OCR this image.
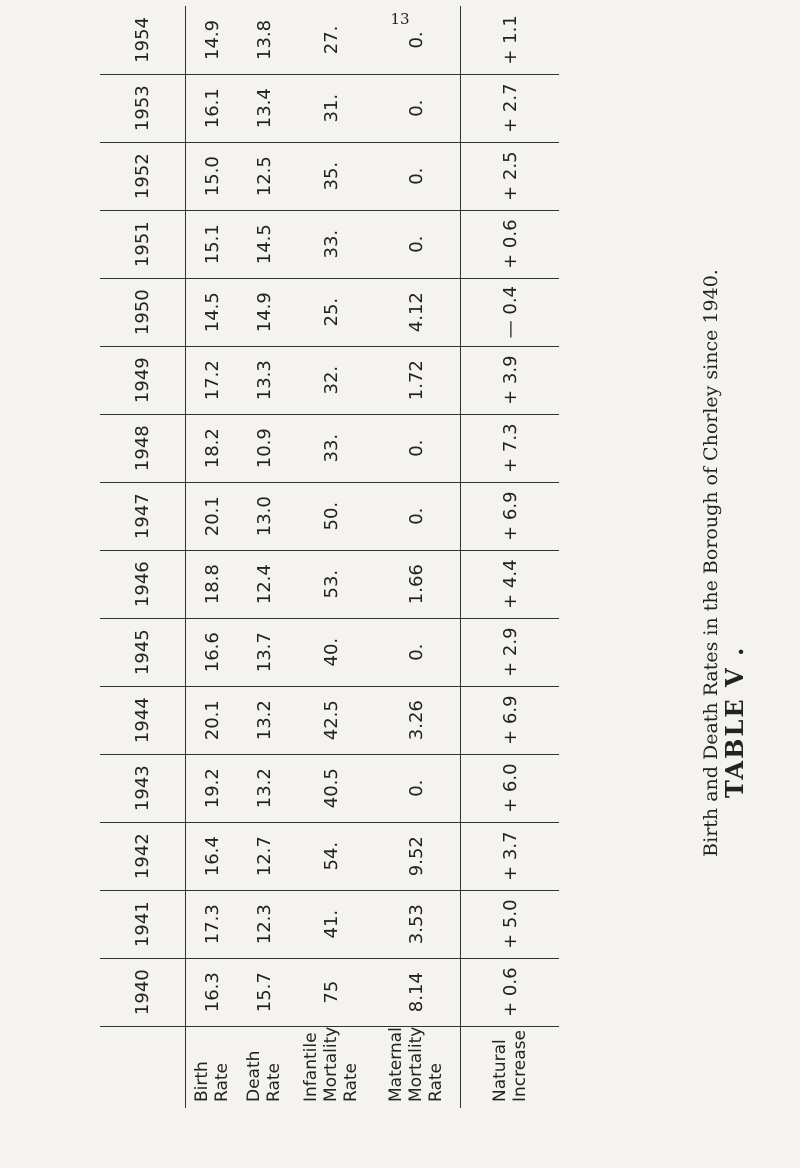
13
TABLE V .
Birth and Death Rates in the Borough of Chorley since 1940.
	1940	1941	1942	1943	1944	1945	1946	1947	1948	1949	1950	1951	1952	1953	1954
Birth Rate	16.3	17.3	16.4	19.2	20.1	16.6	18.8	20.1	18.2	17.2	14.5	15.1	15.0	16.1	14.9
Death Rate	15.7	12.3	12.7	13.2	13.2	13.7	12.4	13.0	10.9	13.3	14.9	14.5	12.5	13.4	13.8
Infantile Mortality Rate	75	41.	54.	40.5	42.5	40.	53.	50.	33.	32.	25.	33.	35.	31.	27.
Maternal Mortality Rate	8.14	3.53	9.52	0.	3.26	0.	1.66	0.	0.	1.72	4.12	0.	0.	0.	0.
Natural Increase	+ 0.6	+ 5.0	+ 3.7	+ 6.0	+ 6.9	+ 2.9	+ 4.4	+ 6.9	+ 7.3	+ 3.9	— 0.4	+ 0.6	+ 2.5	+ 2.7	+ 1.1
